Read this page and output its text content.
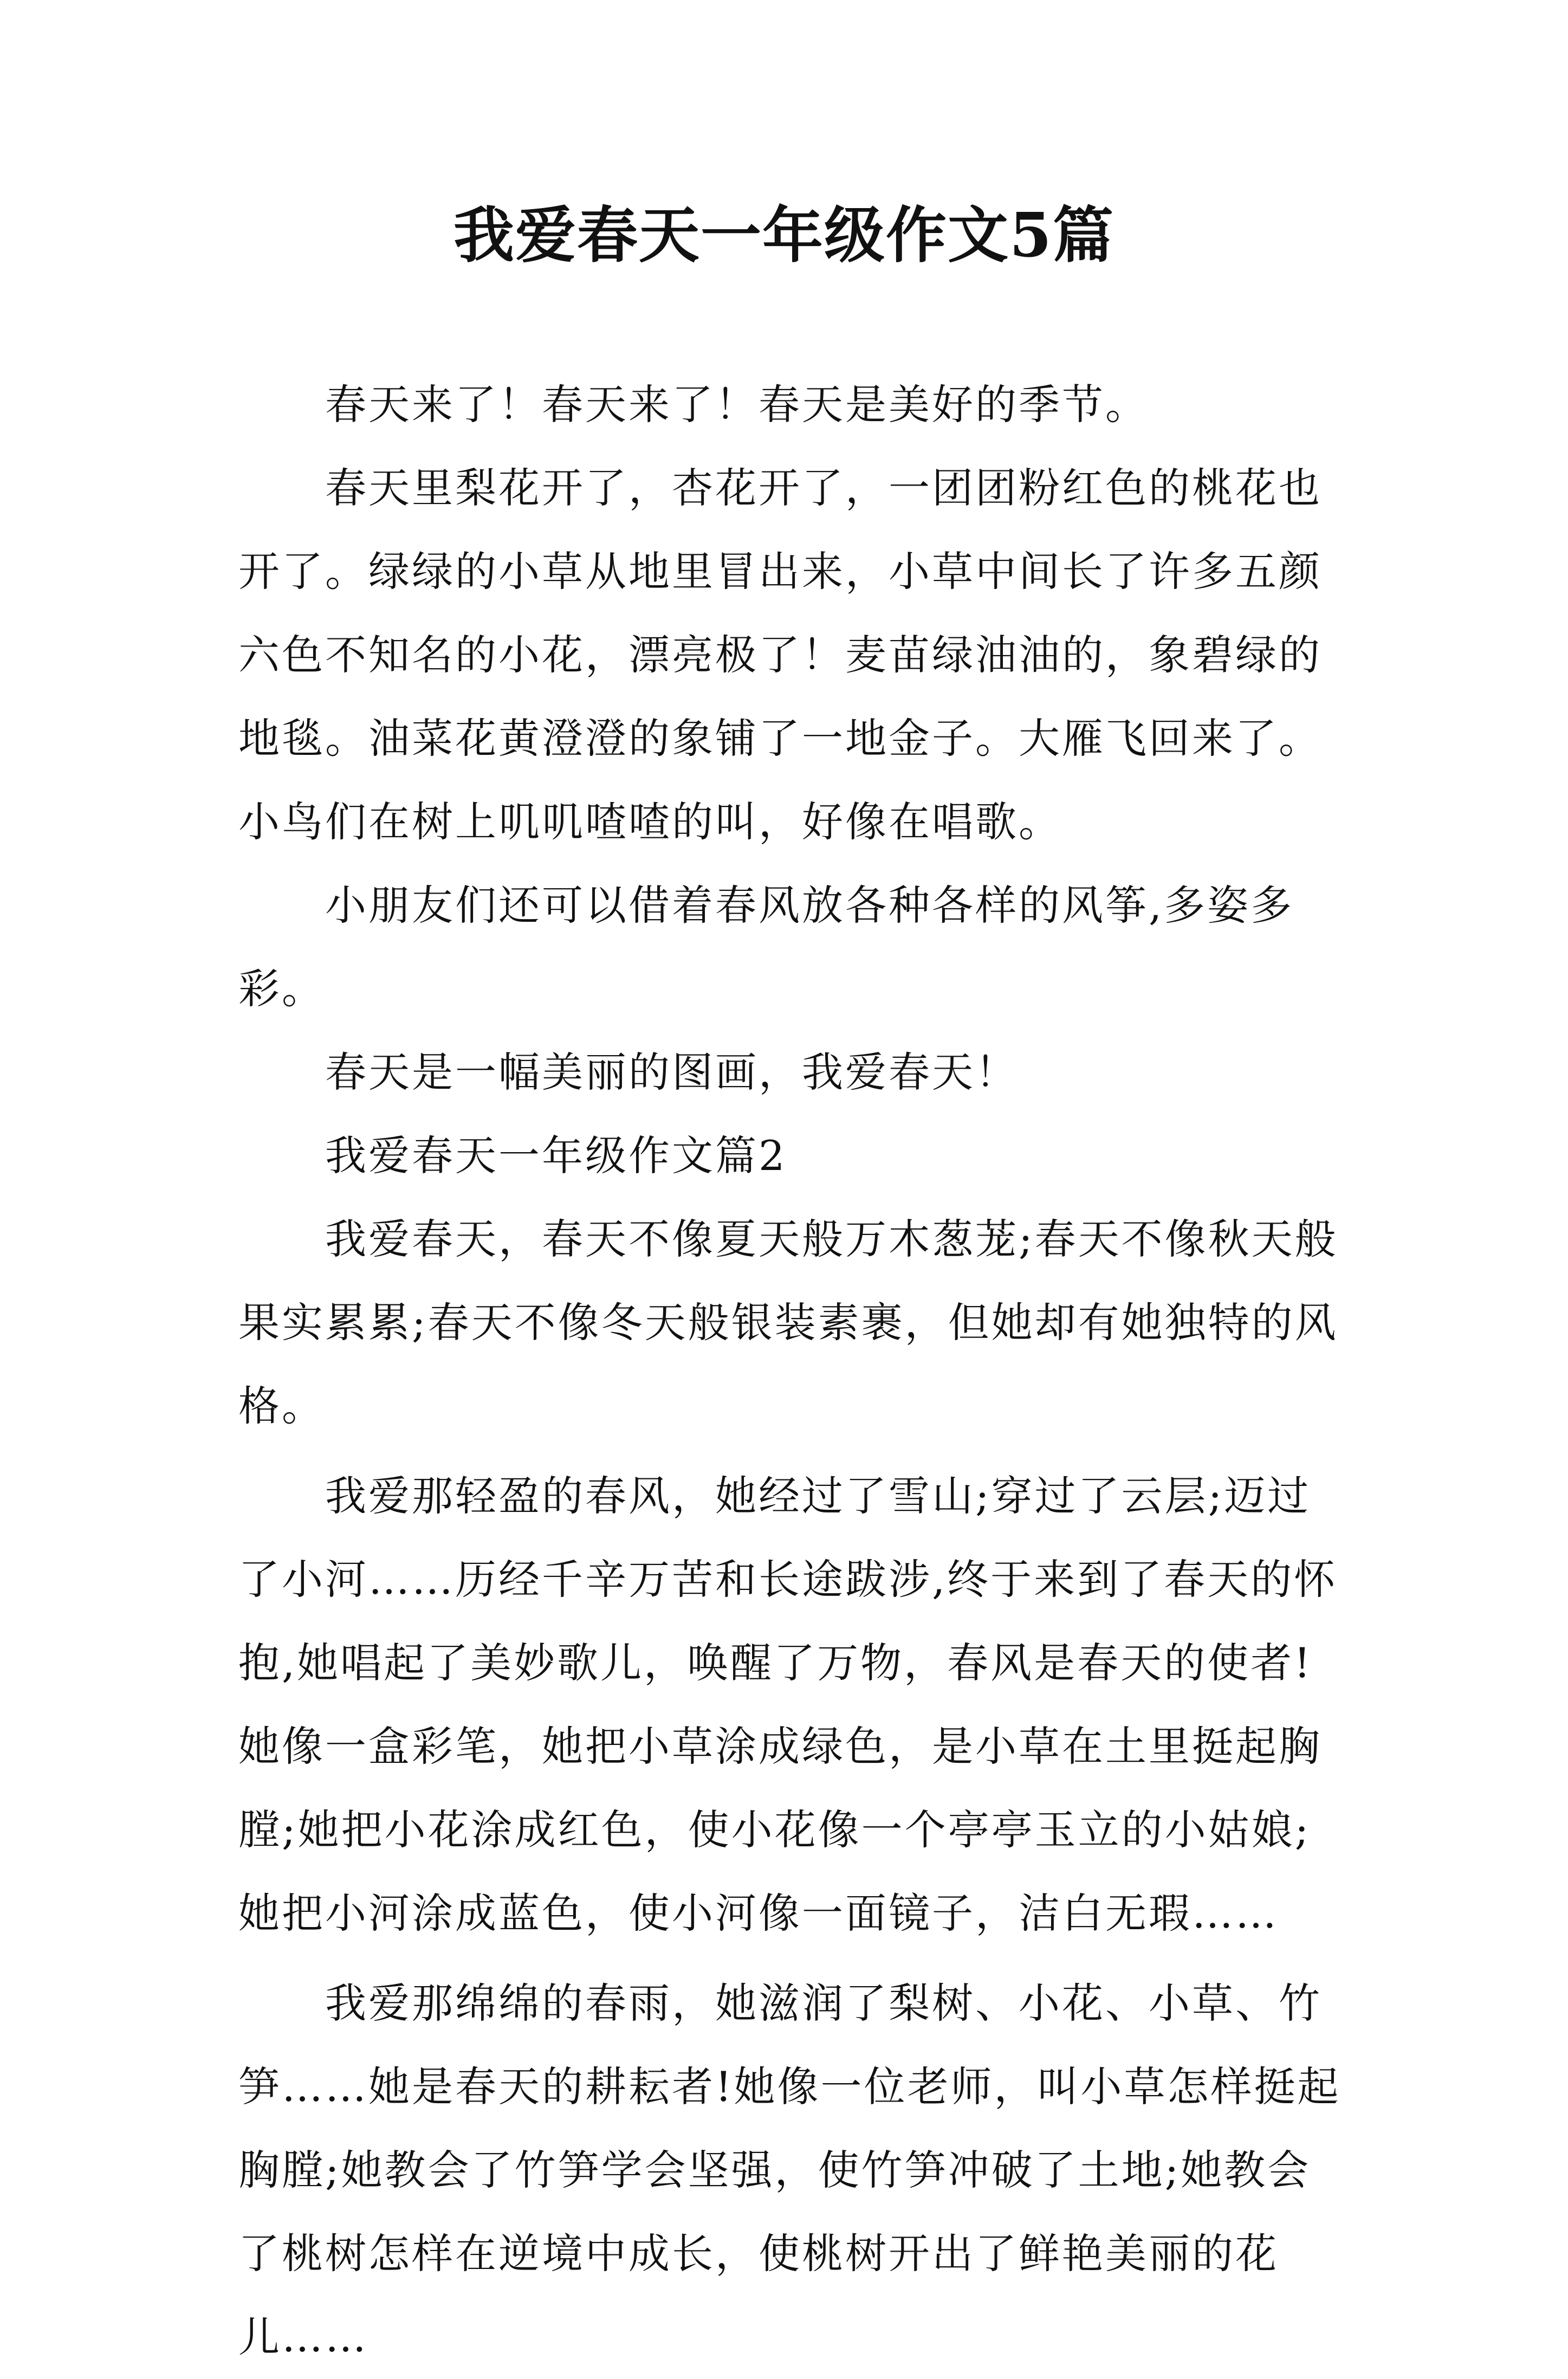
我爱春天一年级作文5篇

春天来了！春天来了！春天是美好的季节。

春天里梨花开了，杏花开了，一团团粉红色的桃花也开了。绿绿的小草从地里冒出来，小草中间长了许多五颜六色不知名的小花，漂亮极了！麦苗绿油油的，象碧绿的地毯。油菜花黄澄澄的象铺了一地金子。大雁飞回来了。小鸟们在树上叽叽喳喳的叫，好像在唱歌。

小朋友们还可以借着春风放各种各样的风筝,多姿多彩。

春天是一幅美丽的图画，我爱春天！

我爱春天一年级作文篇2

我爱春天，春天不像夏天般万木葱茏;春天不像秋天般果实累累;春天不像冬天般银装素裹，但她却有她独特的风格。

我爱那轻盈的春风，她经过了雪山;穿过了云层;迈过了小河……历经千辛万苦和长途跋涉,终于来到了春天的怀抱,她唱起了美妙歌儿，唤醒了万物，春风是春天的使者!她像一盒彩笔，她把小草涂成绿色，是小草在土里挺起胸膛;她把小花涂成红色，使小花像一个亭亭玉立的小姑娘;她把小河涂成蓝色，使小河像一面镜子，洁白无瑕……

我爱那绵绵的春雨，她滋润了梨树、小花、小草、竹笋……她是春天的耕耘者!她像一位老师，叫小草怎样挺起胸膛;她教会了竹笋学会坚强，使竹笋冲破了土地;她教会了桃树怎样在逆境中成长，使桃树开出了鲜艳美丽的花儿……
